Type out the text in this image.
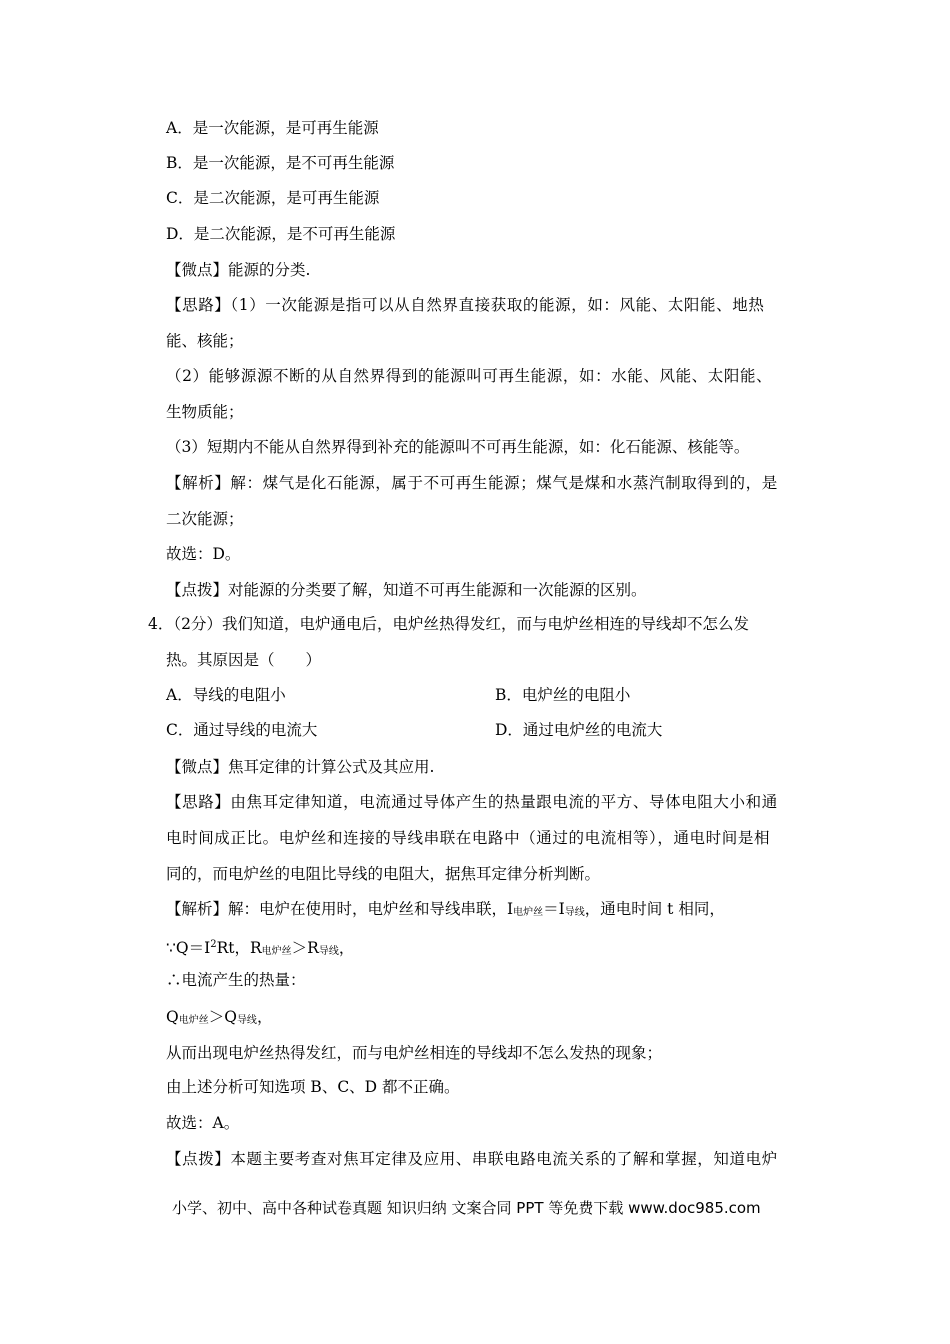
A．是一次能源，是可再生能源
B．是一次能源，是不可再生能源
C．是二次能源，是可再生能源
D．是二次能源，是不可再生能源
【微点】能源的分类.
【思路】（1）一次能源是指可以从自然界直接获取的能源，如：风能、太阳能、地热
能、核能；
（2）能够源源不断的从自然界得到的能源叫可再生能源，如：水能、风能、太阳能、
生物质能；
（3）短期内不能从自然界得到补充的能源叫不可再生能源，如：化石能源、核能等。
【解析】解：煤气是化石能源，属于不可再生能源；煤气是煤和水蒸汽制取得到的，是
二次能源；
故选：D。
【点拨】对能源的分类要了解，知道不可再生能源和一次能源的区别。
4．（2分）我们知道，电炉通电后，电炉丝热得发红，而与电炉丝相连的导线却不怎么发
热。其原因是（　　）
A．导线的电阻小	B．电炉丝的电阻小
C．通过导线的电流大	D．通过电炉丝的电流大
【微点】焦耳定律的计算公式及其应用.
【思路】由焦耳定律知道，电流通过导体产生的热量跟电流的平方、导体电阻大小和通
电时间成正比。电炉丝和连接的导线串联在电路中（通过的电流相等），通电时间是相
同的，而电炉丝的电阻比导线的电阻大，据焦耳定律分析判断。
【解析】解：电炉在使用时，电炉丝和导线串联，$I_{电炉丝}=I_{导线}$，通电时间 t 相同，
$\because Q=I^2Rt$，$R_{电炉丝}>R_{导线}$，
∴电流产生的热量：
$Q_{电炉丝}>Q_{导线}$，
从而出现电炉丝热得发红，而与电炉丝相连的导线却不怎么发热的现象；
由上述分析可知选项 B、C、D 都不正确。
故选：A。
【点拨】本题主要考查对焦耳定律及应用、串联电路电流关系的了解和掌握，知道电炉
小学、初中、高中各种试卷真题 知识归纳 文案合同 PPT 等免费下载 www.doc985.com
